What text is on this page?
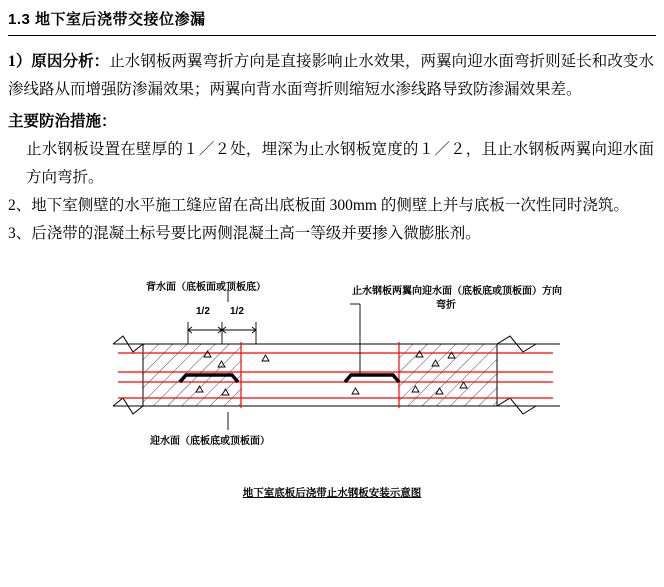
1.3 地下室后浇带交接位渗漏

1）原因分析：止水钢板两翼弯折方向是直接影响止水效果，两翼向迎水面弯折则延长和改变水渗线路从而增强防渗漏效果；两翼向背水面弯折则缩短水渗线路导致防渗漏效果差。

主要防治措施：
止水钢板设置在壁厚的１／２处，埋深为止水钢板宽度的１／２，且止水钢板两翼向迎水面方向弯折。
2、地下室侧壁的水平施工缝应留在高出底板面 300mm 的侧壁上并与底板一次性同时浇筑。
3、后浇带的混凝土标号要比两侧混凝土高一等级并要掺入微膨胀剂。
背水面（底板面或顶板底）
1/2 1/2
止水钢板两翼向迎水面（底板底或顶板面）方向
弯折
迎水面（底板底或顶板面）
地下室底板后浇带止水钢板安装示意图
